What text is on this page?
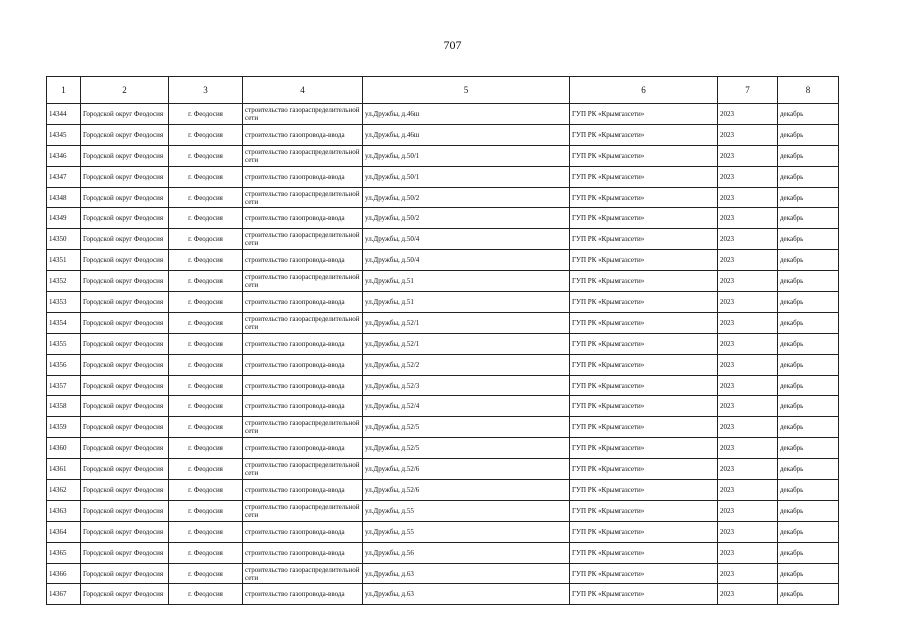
707
1	2	3	4	5	6	7	8
14344	Городской округ Феодосия	г. Феодосия	строительство газораспределительной сети	ул.Дружбы, д.46ш	ГУП РК «Крымгазсети»	2023	декабрь
14345	Городской округ Феодосия	г. Феодосия	строительство газопровода-ввода	ул.Дружбы, д.46ш	ГУП РК «Крымгазсети»	2023	декабрь
14346	Городской округ Феодосия	г. Феодосия	строительство газораспределительной сети	ул.Дружбы, д.50/1	ГУП РК «Крымгазсети»	2023	декабрь
14347	Городской округ Феодосия	г. Феодосия	строительство газопровода-ввода	ул.Дружбы, д.50/1	ГУП РК «Крымгазсети»	2023	декабрь
14348	Городской округ Феодосия	г. Феодосия	строительство газораспределительной сети	ул.Дружбы, д.50/2	ГУП РК «Крымгазсети»	2023	декабрь
14349	Городской округ Феодосия	г. Феодосия	строительство газопровода-ввода	ул.Дружбы, д.50/2	ГУП РК «Крымгазсети»	2023	декабрь
14350	Городской округ Феодосия	г. Феодосия	строительство газораспределительной сети	ул.Дружбы, д.50/4	ГУП РК «Крымгазсети»	2023	декабрь
14351	Городской округ Феодосия	г. Феодосия	строительство газопровода-ввода	ул.Дружбы, д.50/4	ГУП РК «Крымгазсети»	2023	декабрь
14352	Городской округ Феодосия	г. Феодосия	строительство газораспределительной сети	ул.Дружбы, д.51	ГУП РК «Крымгазсети»	2023	декабрь
14353	Городской округ Феодосия	г. Феодосия	строительство газопровода-ввода	ул.Дружбы, д.51	ГУП РК «Крымгазсети»	2023	декабрь
14354	Городской округ Феодосия	г. Феодосия	строительство газораспределительной сети	ул.Дружбы, д.52/1	ГУП РК «Крымгазсети»	2023	декабрь
14355	Городской округ Феодосия	г. Феодосия	строительство газопровода-ввода	ул.Дружбы, д.52/1	ГУП РК «Крымгазсети»	2023	декабрь
14356	Городской округ Феодосия	г. Феодосия	строительство газопровода-ввода	ул.Дружбы, д.52/2	ГУП РК «Крымгазсети»	2023	декабрь
14357	Городской округ Феодосия	г. Феодосия	строительство газопровода-ввода	ул.Дружбы, д.52/3	ГУП РК «Крымгазсети»	2023	декабрь
14358	Городской округ Феодосия	г. Феодосия	строительство газопровода-ввода	ул.Дружбы, д.52/4	ГУП РК «Крымгазсети»	2023	декабрь
14359	Городской округ Феодосия	г. Феодосия	строительство газораспределительной сети	ул.Дружбы, д.52/5	ГУП РК «Крымгазсети»	2023	декабрь
14360	Городской округ Феодосия	г. Феодосия	строительство газопровода-ввода	ул.Дружбы, д.52/5	ГУП РК «Крымгазсети»	2023	декабрь
14361	Городской округ Феодосия	г. Феодосия	строительство газораспределительной сети	ул.Дружбы, д.52/6	ГУП РК «Крымгазсети»	2023	декабрь
14362	Городской округ Феодосия	г. Феодосия	строительство газопровода-ввода	ул.Дружбы, д.52/6	ГУП РК «Крымгазсети»	2023	декабрь
14363	Городской округ Феодосия	г. Феодосия	строительство газораспределительной сети	ул.Дружбы, д.55	ГУП РК «Крымгазсети»	2023	декабрь
14364	Городской округ Феодосия	г. Феодосия	строительство газопровода-ввода	ул.Дружбы, д.55	ГУП РК «Крымгазсети»	2023	декабрь
14365	Городской округ Феодосия	г. Феодосия	строительство газопровода-ввода	ул.Дружбы, д.56	ГУП РК «Крымгазсети»	2023	декабрь
14366	Городской округ Феодосия	г. Феодосия	строительство газораспределительной сети	ул.Дружбы, д.63	ГУП РК «Крымгазсети»	2023	декабрь
14367	Городской округ Феодосия	г. Феодосия	строительство газопровода-ввода	ул.Дружбы, д.63	ГУП РК «Крымгазсети»	2023	декабрь
